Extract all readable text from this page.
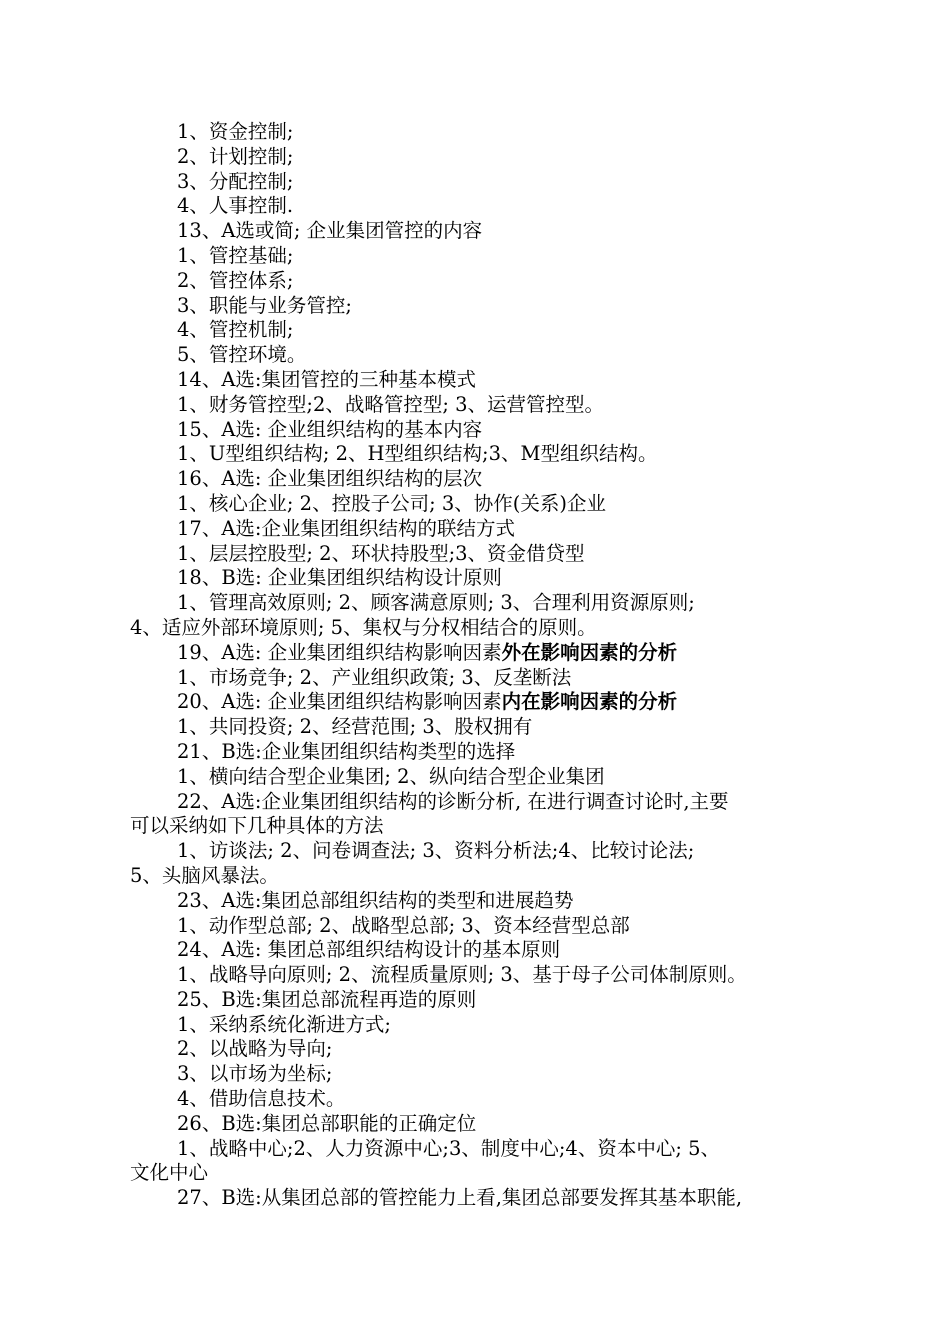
1、资金控制;
2、计划控制;
3、分配控制;
4、人事控制.
13、A选或简; 企业集团管控的内容
1、管控基础;
2、管控体系;
3、职能与业务管控;
4、管控机制;
5、管控环境。
14、A选:集团管控的三种基本模式
1、财务管控型;2、战略管控型; 3、运营管控型。
15、A选: 企业组织结构的基本内容
1、U型组织结构; 2、H型组织结构;3、M型组织结构。
16、A选: 企业集团组织结构的层次
1、核心企业; 2、控股子公司; 3、协作(关系)企业
17、A选:企业集团组织结构的联结方式
1、层层控股型; 2、环状持股型;3、资金借贷型
18、B选: 企业集团组织结构设计原则
1、管理高效原则; 2、顾客满意原则; 3、合理利用资源原则;
4、适应外部环境原则; 5、集权与分权相结合的原则。
19、A选: 企业集团组织结构影响因素外在影响因素的分析
1、市场竞争; 2、产业组织政策; 3、反垄断法
20、A选: 企业集团组织结构影响因素内在影响因素的分析
1、共同投资; 2、经营范围; 3、股权拥有
21、B选:企业集团组织结构类型的选择
1、横向结合型企业集团; 2、纵向结合型企业集团
22、A选:企业集团组织结构的诊断分析, 在进行调查讨论时,主要
可以采纳如下几种具体的方法
1、访谈法; 2、问卷调查法; 3、资料分析法;4、比较讨论法;
5、头脑风暴法。
23、A选:集团总部组织结构的类型和进展趋势
1、动作型总部; 2、战略型总部; 3、资本经营型总部
24、A选: 集团总部组织结构设计的基本原则
1、战略导向原则; 2、流程质量原则; 3、基于母子公司体制原则。
25、B选:集团总部流程再造的原则
1、采纳系统化渐进方式;
2、以战略为导向;
3、以市场为坐标;
4、借助信息技术。
26、B选:集团总部职能的正确定位
1、战略中心;2、人力资源中心;3、制度中心;4、资本中心; 5、
文化中心
27、B选:从集团总部的管控能力上看,集团总部要发挥其基本职能,
